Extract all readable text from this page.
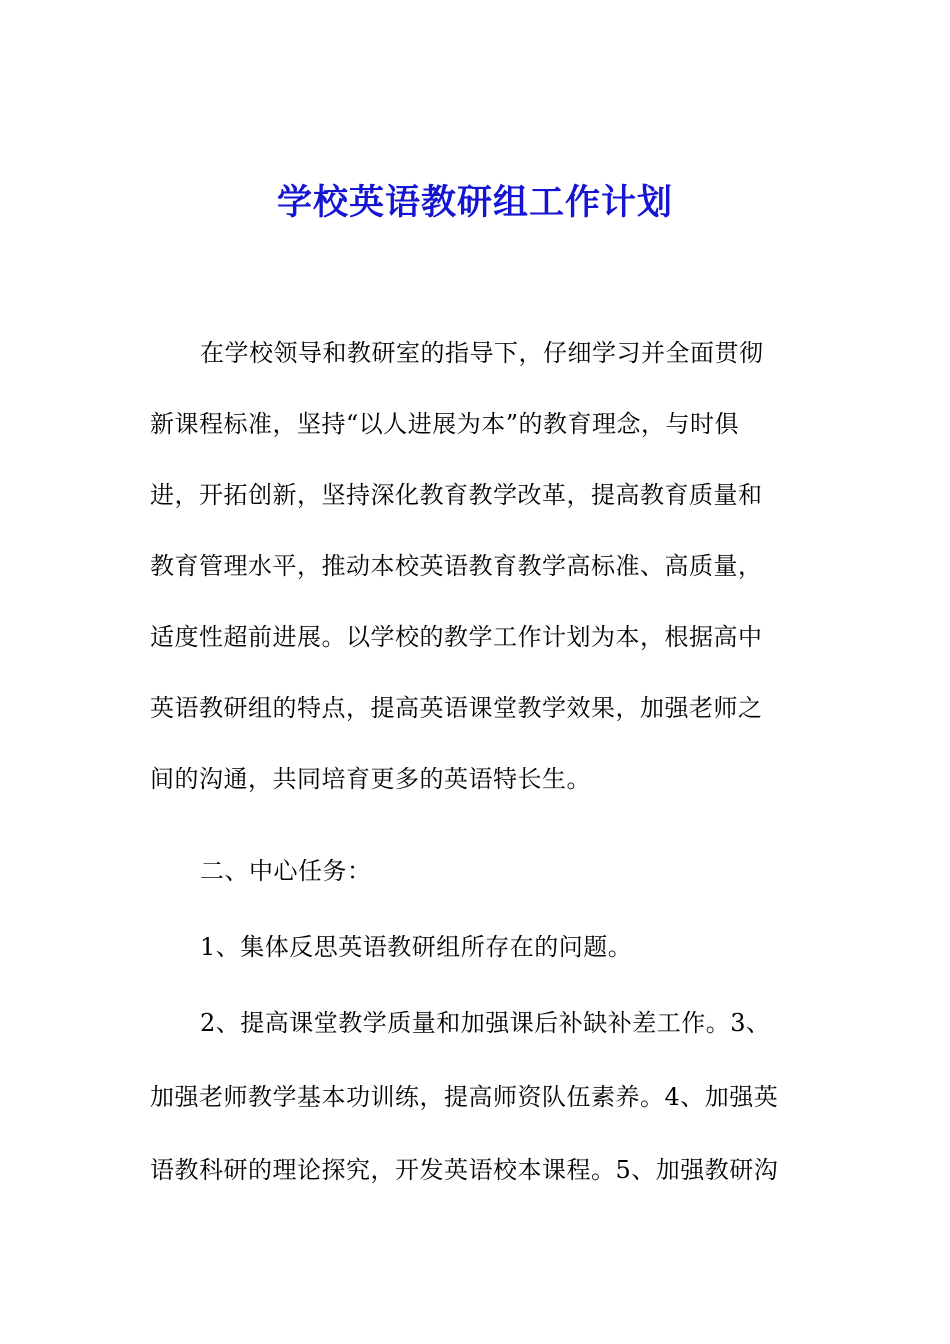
学校英语教研组工作计划
在学校领导和教研室的指导下，仔细学习并全面贯彻
新课程标准，坚持“以人进展为本”的教育理念，与时俱
进，开拓创新，坚持深化教育教学改革，提高教育质量和
教育管理水平，推动本校英语教育教学高标准、高质量，
适度性超前进展。以学校的教学工作计划为本，根据高中
英语教研组的特点，提高英语课堂教学效果，加强老师之
间的沟通，共同培育更多的英语特长生。
二、中心任务：
1、集体反思英语教研组所存在的问题。
2、提高课堂教学质量和加强课后补缺补差工作。3、
加强老师教学基本功训练，提高师资队伍素养。4、加强英
语教科研的理论探究，开发英语校本课程。5、加强教研沟
